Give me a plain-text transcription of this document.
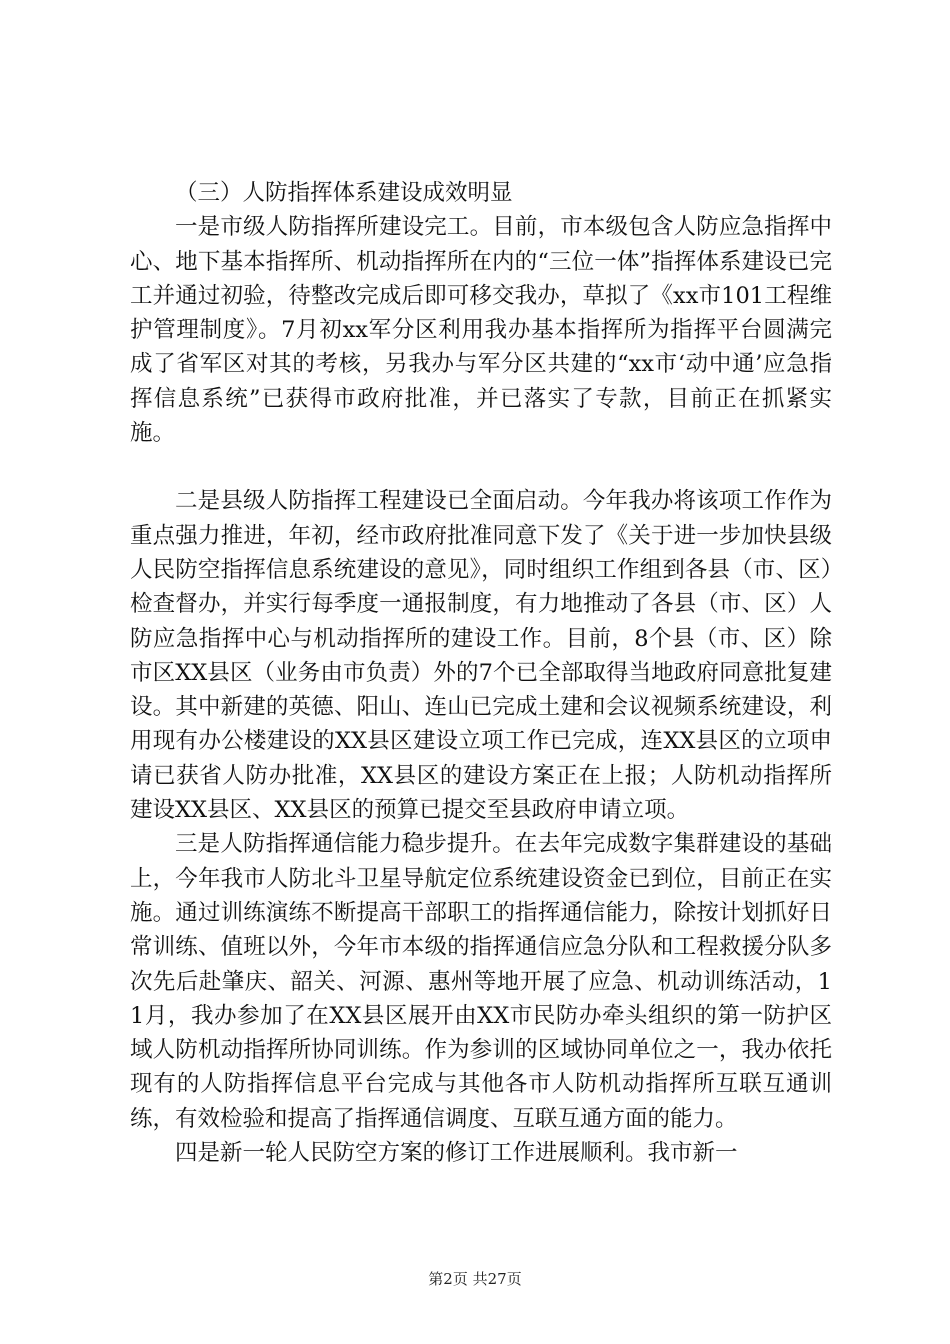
（三）人防指挥体系建设成效明显

一是市级人防指挥所建设完工。目前，市本级包含人防应急指挥中心、地下基本指挥所、机动指挥所在内的“三位一体”指挥体系建设已完工并通过初验，待整改完成后即可移交我办，草拟了《xx市101工程维护管理制度》。7月初xx军分区利用我办基本指挥所为指挥平台圆满完成了省军区对其的考核，另我办与军分区共建的“xx市‘动中通’应急指挥信息系统”已获得市政府批准，并已落实了专款，目前正在抓紧实施。

二是县级人防指挥工程建设已全面启动。今年我办将该项工作作为重点强力推进，年初，经市政府批准同意下发了《关于进一步加快县级人民防空指挥信息系统建设的意见》，同时组织工作组到各县（市、区）检查督办，并实行每季度一通报制度，有力地推动了各县（市、区）人防应急指挥中心与机动指挥所的建设工作。目前，8个县（市、区）除市区XX县区（业务由市负责）外的7个已全部取得当地政府同意批复建设。其中新建的英德、阳山、连山已完成土建和会议视频系统建设，利用现有办公楼建设的XX县区建设立项工作已完成，连XX县区的立项申请已获省人防办批准，XX县区的建设方案正在上报；人防机动指挥所建设XX县区、XX县区的预算已提交至县政府申请立项。

三是人防指挥通信能力稳步提升。在去年完成数字集群建设的基础上，今年我市人防北斗卫星导航定位系统建设资金已到位，目前正在实施。通过训练演练不断提高干部职工的指挥通信能力，除按计划抓好日常训练、值班以外，今年市本级的指挥通信应急分队和工程救援分队多次先后赴肇庆、韶关、河源、惠州等地开展了应急、机动训练活动，11月，我办参加了在XX县区展开由XX市民防办牵头组织的第一防护区域人防机动指挥所协同训练。作为参训的区域协同单位之一，我办依托现有的人防指挥信息平台完成与其他各市人防机动指挥所互联互通训练，有效检验和提高了指挥通信调度、互联互通方面的能力。

四是新一轮人民防空方案的修订工作进展顺利。我市新一

第2页 共27页
